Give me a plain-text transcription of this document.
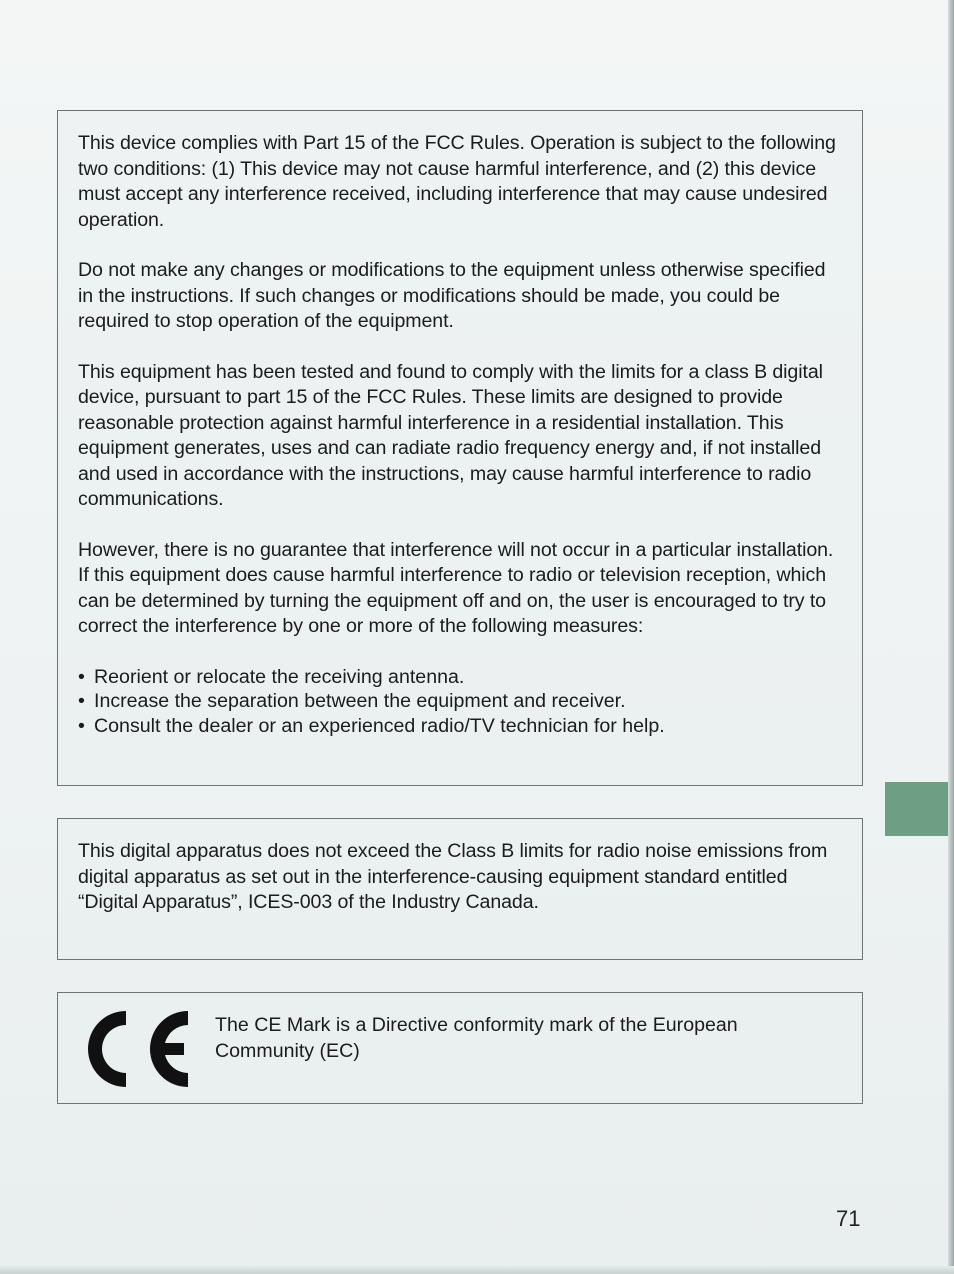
This device complies with Part 15 of the FCC Rules. Operation is subject to the following two conditions: (1) This device may not cause harmful interference, and (2) this device must accept any interference received, including interference that may cause undesired operation.

Do not make any changes or modifications to the equipment unless otherwise specified in the instructions. If such changes or modifications should be made, you could be required to stop operation of the equipment.

This equipment has been tested and found to comply with the limits for a class B digital device, pursuant to part 15 of the FCC Rules. These limits are designed to provide reasonable protection against harmful interference in a residential installation. This equipment generates, uses and can radiate radio frequency energy and, if not installed and used in accordance with the instructions, may cause harmful interference to radio communications.

However, there is no guarantee that interference will not occur in a particular installation. If this equipment does cause harmful interference to radio or television reception, which can be determined by turning the equipment off and on, the user is encouraged to try to correct the interference by one or more of the following measures:

• Reorient or relocate the receiving antenna.
• Increase the separation between the equipment and receiver.
• Consult the dealer or an experienced radio/TV technician for help.

This digital apparatus does not exceed the Class B limits for radio noise emissions from digital apparatus as set out in the interference-causing equipment standard entitled “Digital Apparatus”, ICES-003 of the Industry Canada.

The CE Mark is a Directive conformity mark of the European Community (EC)

71
